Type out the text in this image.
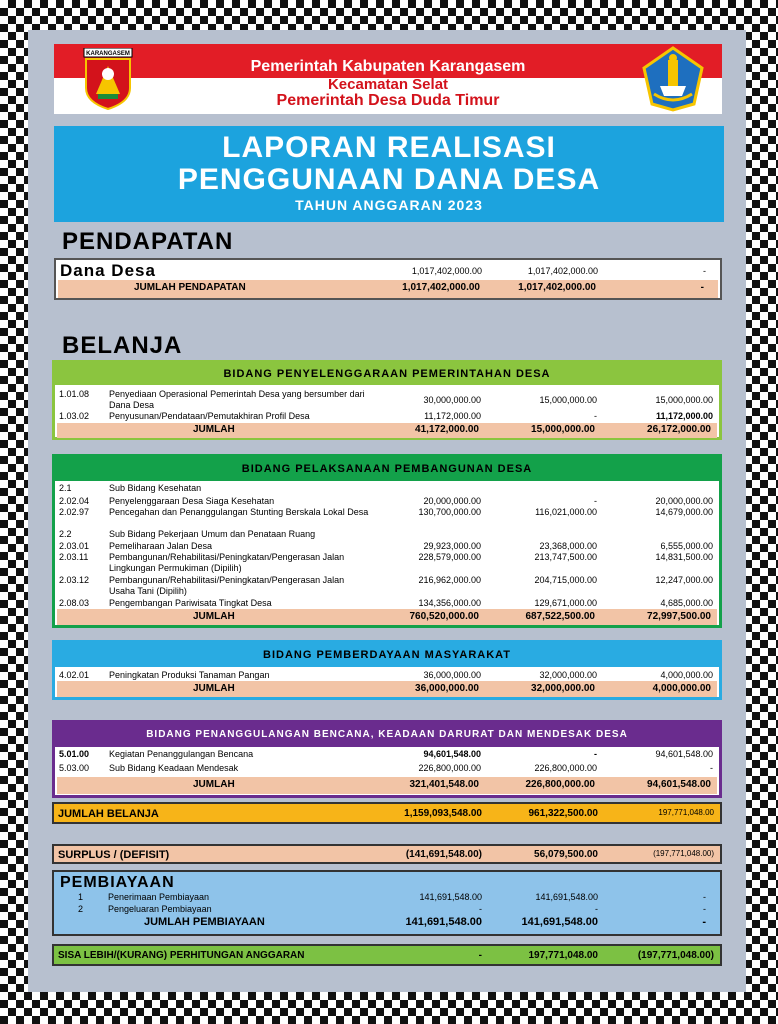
KARANGASEM
Pemerintah Kabupaten Karangasem
Kecamatan Selat
Pemerintah Desa Duda Timur
LAPORAN REALISASI
PENGGUNAAN DANA DESA
TAHUN ANGGARAN 2023
PENDAPATAN
Dana Desa	1,017,402,000.00	1,017,402,000.00	-
JUMLAH PENDAPATAN	1,017,402,000.00	1,017,402,000.00	-
BELANJA
BIDANG PENYELENGGARAAN PEMERINTAHAN DESA
1.01.08 Penyediaan Operasional Pemerintah Desa yang bersumber dari Dana Desa	30,000,000.00	15,000,000.00	15,000,000.00
1.03.02 Penyusunan/Pendataan/Pemutakhiran Profil Desa	11,172,000.00	-	11,172,000.00
JUMLAH	41,172,000.00	15,000,000.00	26,172,000.00
BIDANG PELAKSANAAN PEMBANGUNAN DESA
2.1	Sub Bidang Kesehatan
2.02.04 Penyelenggaraan Desa Siaga Kesehatan	20,000,000.00	-	20,000,000.00
2.02.97 Pencegahan dan Penanggulangan Stunting Berskala Lokal Desa	130,700,000.00	116,021,000.00	14,679,000.00
2.2	Sub Bidang Pekerjaan Umum dan Penataan Ruang
2.03.01 Pemeliharaan Jalan Desa	29,923,000.00	23,368,000.00	6,555,000.00
2.03.11 Pembangunan/Rehabilitasi/Peningkatan/Pengerasan Jalan Lingkungan Permukiman (Dipilih)
228,579,000.00	213,747,500.00	14,831,500.00
2.03.12 Pembangunan/Rehabilitasi/Peningkatan/Pengerasan Jalan Usaha Tani (Dipilih)
216,962,000.00	204,715,000.00	12,247,000.00
2.08.03 Pengembangan Pariwisata Tingkat Desa	134,356,000.00	129,671,000.00	4,685,000.00
JUMLAH	760,520,000.00	687,522,500.00	72,997,500.00
BIDANG PEMBERDAYAAN MASYARAKAT
4.02.01 Peningkatan Produksi Tanaman Pangan	36,000,000.00	32,000,000.00	4,000,000.00
JUMLAH	36,000,000.00	32,000,000.00	4,000,000.00
BIDANG PENANGGULANGAN BENCANA, KEADAAN DARURAT DAN MENDESAK DESA
5.01.00 Kegiatan Penanggulangan Bencana	94,601,548.00	-	94,601,548.00
5.03.00 Sub Bidang Keadaan Mendesak	226,800,000.00	226,800,000.00	-
JUMLAH	321,401,548.00	226,800,000.00	94,601,548.00
JUMLAH BELANJA	1,159,093,548.00	961,322,500.00	197,771,048.00
SURPLUS / (DEFISIT)	(141,691,548.00)	56,079,500.00	(197,771,048.00)
PEMBIAYAAN
1	Penerimaan Pembiayaan	141,691,548.00	141,691,548.00	-
2	Pengeluaran Pembiayaan	-	-	-
JUMLAH PEMBIAYAAN	141,691,548.00	141,691,548.00	-
SISA LEBIH/(KURANG) PERHITUNGAN ANGGARAN	-	197,771,048.00	(197,771,048.00)
